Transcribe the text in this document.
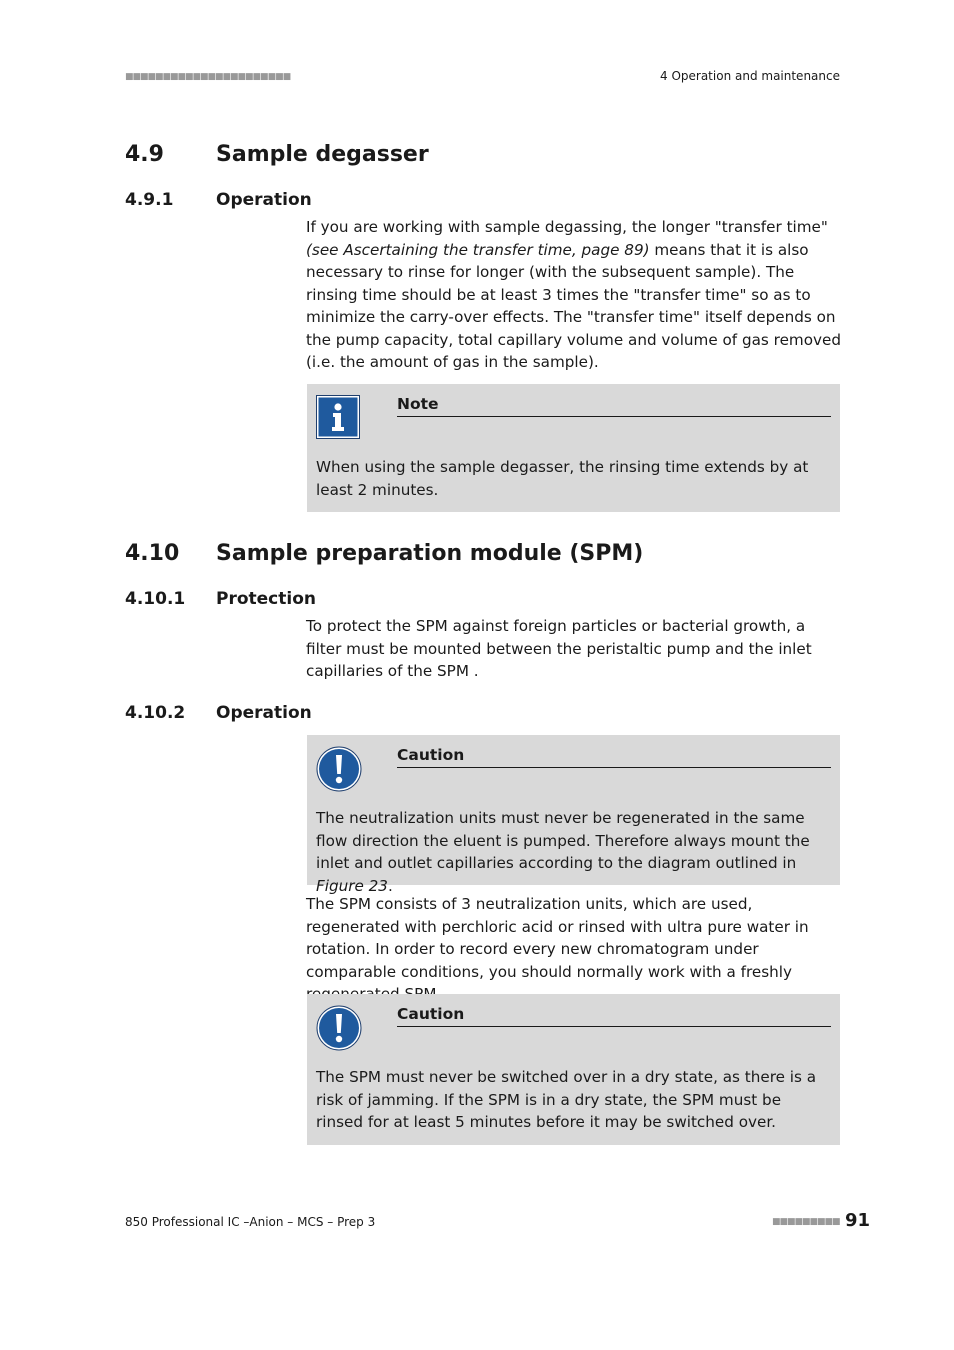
■■■■■■■■■■■■■■■■■■■■■■	4 Operation and maintenance
4.9 Sample degasser
4.9.1	Operation
If you are working with sample degassing, the longer "transfer time" (see Ascertaining the transfer time, page 89) means that it is also necessary to rinse for longer (with the subsequent sample). The rinsing time should be at least 3 times the "transfer time" so as to minimize the carry-over effects. The "transfer time" itself depends on the pump capacity, total capillary volume and volume of gas removed (i.e. the amount of gas in the sample).
Note
When using the sample degasser, the rinsing time extends by at least 2 minutes.
4.10 Sample preparation module (SPM)
4.10.1 Protection
To protect the SPM against foreign particles or bacterial growth, a filter must be mounted between the peristaltic pump and the inlet capillaries of the SPM .
4.10.2 Operation
Caution
The neutralization units must never be regenerated in the same flow direction the eluent is pumped. Therefore always mount the inlet and outlet capillaries according to the diagram outlined in Figure 23.
The SPM consists of 3 neutralization units, which are used, regenerated with perchloric acid or rinsed with ultra pure water in rotation. In order to record every new chromatogram under comparable conditions, you should normally work with a freshly
Caution
The SPM must never be switched over in a dry state, as there is a risk of jamming. If the SPM is in a dry state, the SPM must be rinsed for at least 5 minutes before it may be switched over.
850 Professional IC –Anion – MCS – Prep 3	■■■■■■■■■ 91
